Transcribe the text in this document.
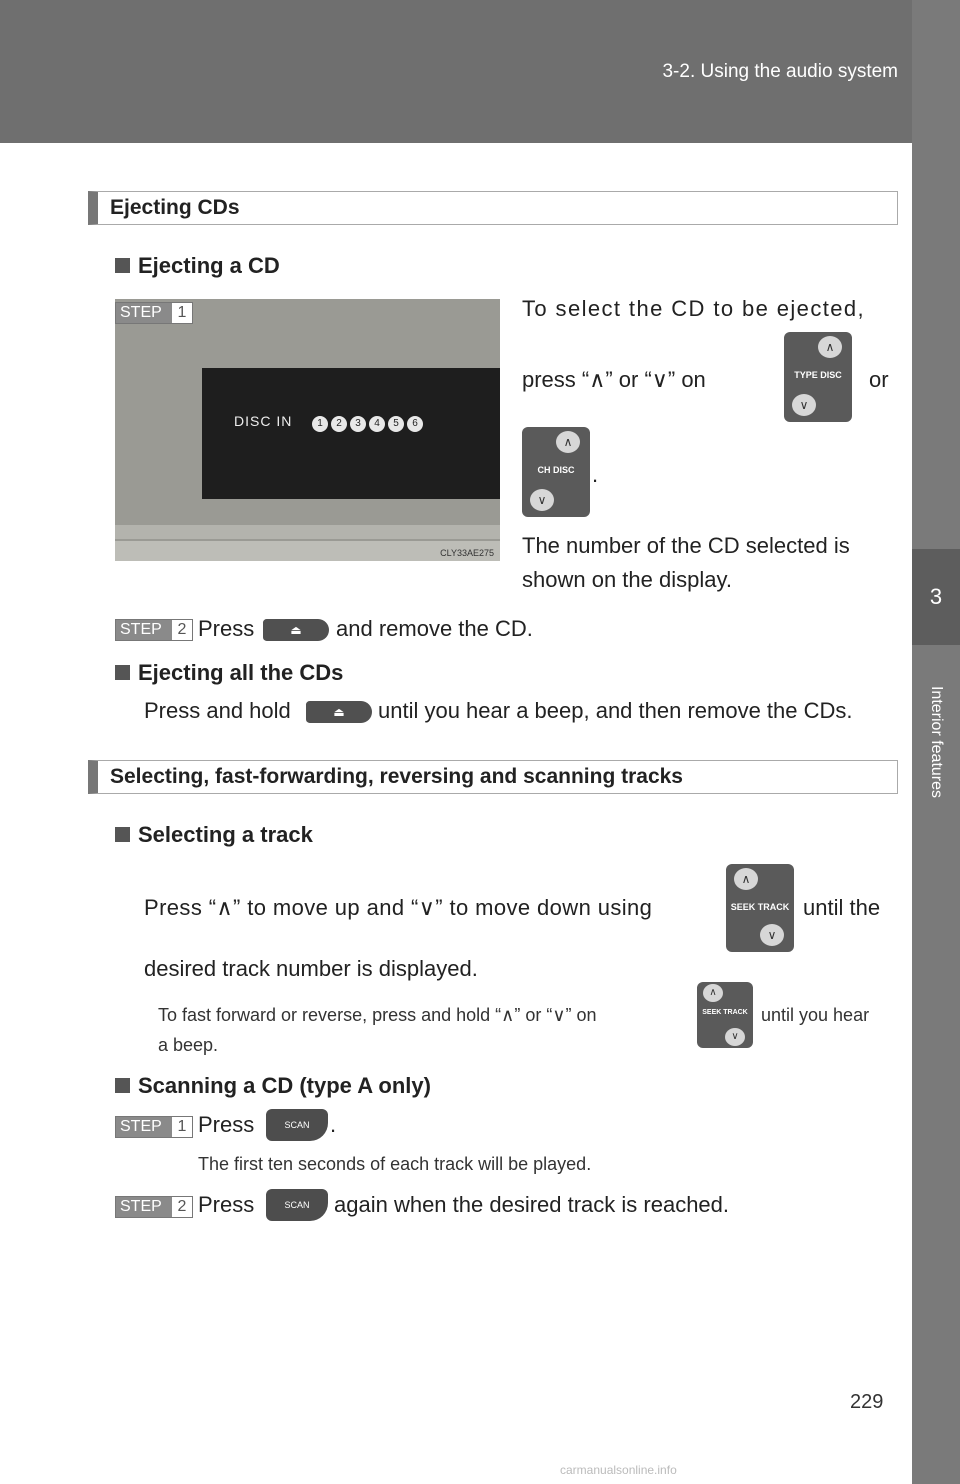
3-2. Using the audio system
3
Interior features
Ejecting CDs
Ejecting a CD
DISC IN	1 2 3 4 5 6
CLY33AE275
STEP 1	To select the CD to be ejected,
press “∧” or “∨” on
∧
TYPE DISC
∨
or
∧
CH DISC
∨
.
The number of the CD selected is
shown on the display.
STEP 2 Press	⏏	and remove the CD.
Ejecting all the CDs
Press and hold	⏏	until you hear a beep, and then remove the CDs.
Selecting, fast-forwarding, reversing and scanning tracks
Selecting a track
Press “∧” to move up and “∨” to move down using
∧
SEEK TRACK
∨
until the
desired track number is displayed.
To fast forward or reverse, press and hold “∧” or “∨” on
∧
SEEK TRACK
∨
until you hear
a beep.
Scanning a CD (type A only)
STEP 1 Press	SCAN .
The first ten seconds of each track will be played.
STEP 2 Press	SCAN	again when the desired track is reached.
229
carmanualsonline.info
